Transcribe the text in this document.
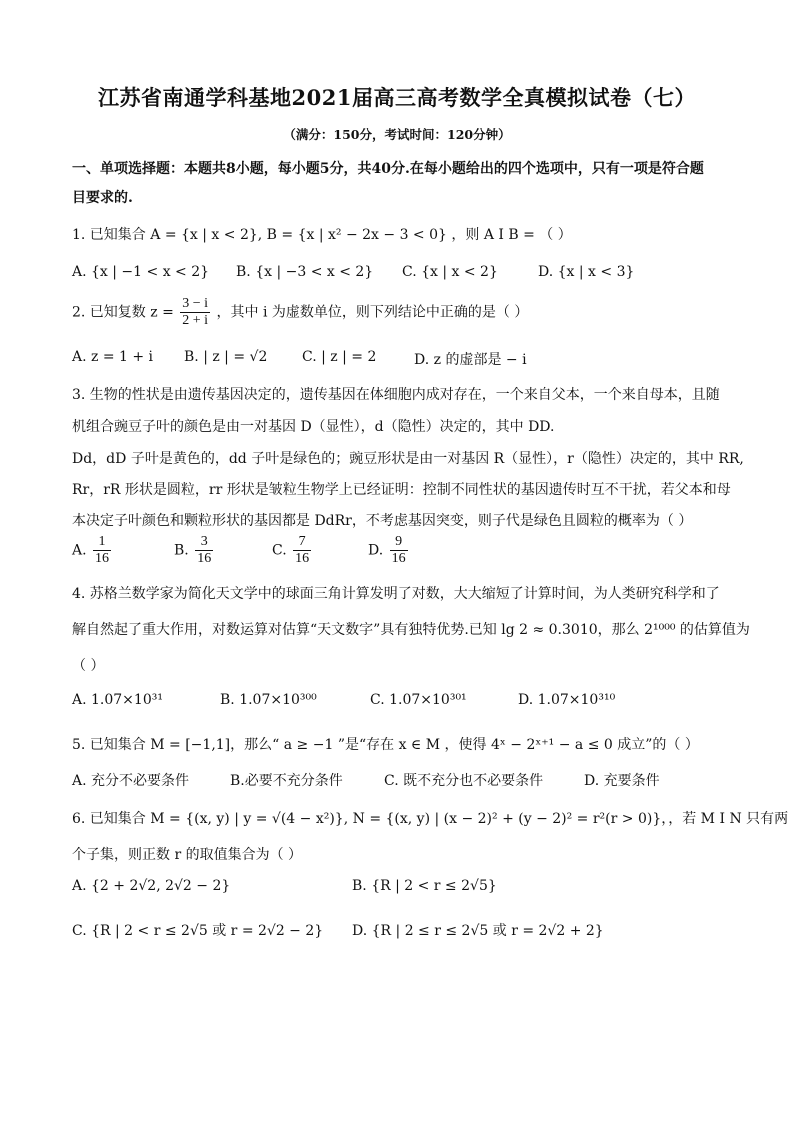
江苏省南通学科基地2021届高三高考数学全真模拟试卷（七）
（满分：150分，考试时间：120分钟）
一、单项选择题：本题共8小题，每小题5分，共40分.在每小题给出的四个选项中，只有一项是符合题
目要求的.
1. 已知集合 A = {x | x < 2}, B = {x | x² − 2x − 3 < 0} ，则 A I B = （ ）
A. {x | −1 < x < 2} B. {x | −3 < x < 2} C. {x | x < 2}	D. {x | x < 3}
2. 已知复数 $z = \frac{3 - i}{2 + i}$ ，其中 i 为虚数单位，则下列结论中正确的是（ ）
A. z = 1 + i B. | z | = √2 C. | z | = 2	D. z 的虚部是 − i
3. 生物的性状是由遗传基因决定的，遗传基因在体细胞内成对存在，一个来自父本，一个来自母本，且随
机组合豌豆子叶的颜色是由一对基因 D（显性），d（隐性）决定的，其中 DD.
Dd，dD 子叶是黄色的，dd 子叶是绿色的；豌豆形状是由一对基因 R（显性），r（隐性）决定的，其中 RR,
Rr，rR 形状是圆粒，rr 形状是皱粒生物学上已经证明：控制不同性状的基因遗传时互不干扰，若父本和母
本决定子叶颜色和颗粒形状的基因都是 DdRr，不考虑基因突变，则子代是绿色且圆粒的概率为（ ）
A. $\frac{1}{16}$	B. $\frac{3}{16}$	C. $\frac{7}{16}$	D. $\frac{9}{16}$
4. 苏格兰数学家为简化天文学中的球面三角计算发明了对数，大大缩短了计算时间，为人类研究科学和了
解自然起了重大作用，对数运算对估算“天文数字”具有独特优势.已知 lg 2 ≈ 0.3010，那么 2¹⁰⁰⁰ 的估算值为
（ ）
A. 1.07×10³¹	B. 1.07×10³⁰⁰	C. 1.07×10³⁰¹	D. 1.07×10³¹⁰
5. 已知集合 M = [−1,1]，那么“ a ≥ −1 ”是“存在 x ∈ M ，使得 4ˣ − 2ˣ⁺¹ − a ≤ 0 成立”的（ ）
A. 充分不必要条件	B.必要不充分条件	C. 既不充分也不必要条件	D. 充要条件
6. 已知集合 M = {(x, y) | y = √(4 − x²)}, N = {(x, y) | (x − 2)² + (y − 2)² = r²(r > 0)}，，若 M I N 只有两
个子集，则正数 r 的取值集合为（ ）
A. {2 + 2√2, 2√2 − 2}	B. {R | 2 < r ≤ 2√5}
C. {R | 2 < r ≤ 2√5 或 r = 2√2 − 2} D. {R | 2 ≤ r ≤ 2√5 或 r = 2√2 + 2}
